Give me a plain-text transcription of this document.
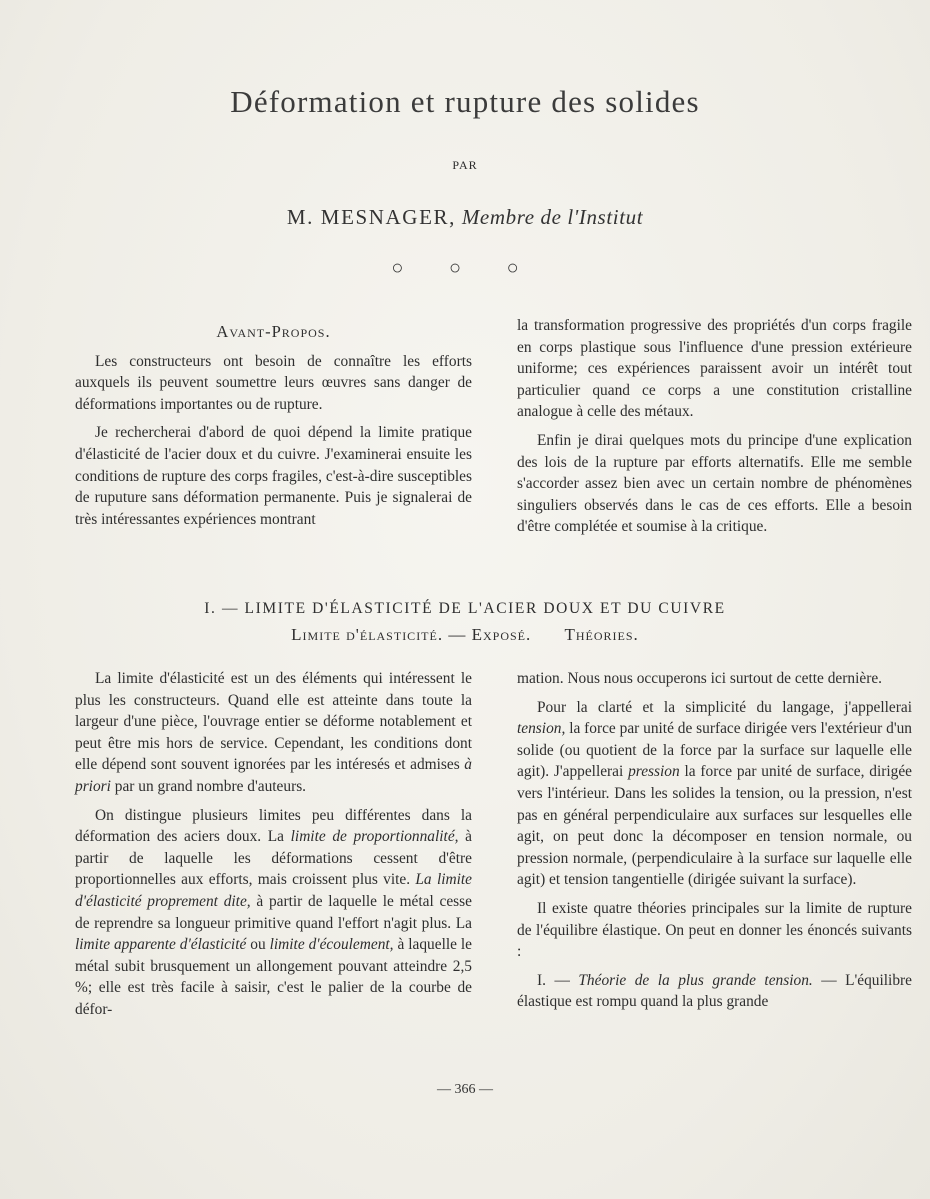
Déformation et rupture des solides
PAR
M. MESNAGER, Membre de l'Institut
○ ○ ○
Avant-Propos.

Les constructeurs ont besoin de connaître les efforts auxquels ils peuvent soumettre leurs œuvres sans danger de déformations importantes ou de rupture.

Je rechercherai d'abord de quoi dépend la limite pratique d'élasticité de l'acier doux et du cuivre. J'examinerai ensuite les conditions de rupture des corps fragiles, c'est-à-dire susceptibles de ruputure sans déformation permanente. Puis je signalerai de très intéressantes expériences montrant

la transformation progressive des propriétés d'un corps fragile en corps plastique sous l'influence d'une pression extérieure uniforme; ces expériences paraissent avoir un intérêt tout particulier quand ce corps a une constitution cristalline analogue à celle des métaux.

Enfin je dirai quelques mots du principe d'une explication des lois de la rupture par efforts alternatifs. Elle me semble s'accorder assez bien avec un certain nombre de phénomènes singuliers observés dans le cas de ces efforts. Elle a besoin d'être complétée et soumise à la critique.

I. — LIMITE D'ÉLASTICITÉ DE L'ACIER DOUX ET DU CUIVRE
Limite d'élasticité. — Exposé. Théories.

La limite d'élasticité est un des éléments qui intéressent le plus les constructeurs. Quand elle est atteinte dans toute la largeur d'une pièce, l'ouvrage entier se déforme notablement et peut être mis hors de service. Cependant, les conditions dont elle dépend sont souvent ignorées par les intéresés et admises à priori par un grand nombre d'auteurs.

On distingue plusieurs limites peu différentes dans la déformation des aciers doux. La limite de proportionnalité, à partir de laquelle les déformations cessent d'être proportionnelles aux efforts, mais croissent plus vite. La limite d'élasticité proprement dite, à partir de laquelle le métal cesse de reprendre sa longueur primitive quand l'effort n'agit plus. La limite apparente d'élasticité ou limite d'écoulement, à laquelle le métal subit brusquement un allongement pouvant atteindre 2,5 %; elle est très facile à saisir, c'est le palier de la courbe de défor-

mation. Nous nous occuperons ici surtout de cette dernière.

Pour la clarté et la simplicité du langage, j'appellerai tension, la force par unité de surface dirigée vers l'extérieur d'un solide (ou quotient de la force par la surface sur laquelle elle agit). J'appellerai pression la force par unité de surface, dirigée vers l'intérieur. Dans les solides la tension, ou la pression, n'est pas en général perpendiculaire aux surfaces sur lesquelles elle agit, on peut donc la décomposer en tension normale, ou pression normale, (perpendiculaire à la surface sur laquelle elle agit) et tension tangentielle (dirigée suivant la surface).

Il existe quatre théories principales sur la limite de rupture de l'équilibre élastique. On peut en donner les énoncés suivants :

I. — Théorie de la plus grande tension. — L'équilibre élastique est rompu quand la plus grande

— 366 —
